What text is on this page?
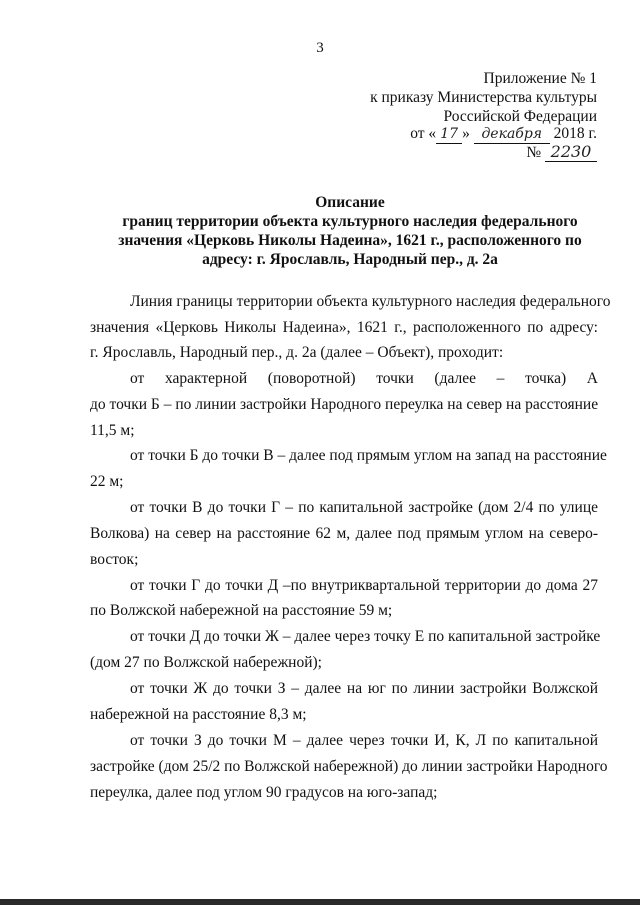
3
Приложение № 1
к приказу Министерства культуры
Российской Федерации
от « 17 » декабря 2018 г.
№ 2230
Описание
границ территории объекта культурного наследия федерального
значения «Церковь Николы Надеина», 1621 г., расположенного по
адресу: г. Ярославль, Народный пер., д. 2а
Линия границы территории объекта культурного наследия федерального
значения «Церковь Николы Надеина», 1621 г., расположенного по адресу:
г. Ярославль, Народный пер., д. 2а (далее – Объект), проходит:
от характерной (поворотной) точки (далее – точка) А
до точки Б – по линии застройки Народного переулка на север на расстояние
11,5 м;
от точки Б до точки В – далее под прямым углом на запад на расстояние
22 м;
от точки В до точки Г – по капитальной застройке (дом 2/4 по улице
Волкова) на север на расстояние 62 м, далее под прямым углом на северо-
восток;
от точки Г до точки Д –по внутриквартальной территории до дома 27
по Волжской набережной на расстояние 59 м;
от точки Д до точки Ж – далее через точку Е по капитальной застройке
(дом 27 по Волжской набережной);
от точки Ж до точки З – далее на юг по линии застройки Волжской
набережной на расстояние 8,3 м;
от точки З до точки М – далее через точки И, К, Л по капитальной
застройке (дом 25/2 по Волжской набережной) до линии застройки Народного
переулка, далее под углом 90 градусов на юго-запад;
